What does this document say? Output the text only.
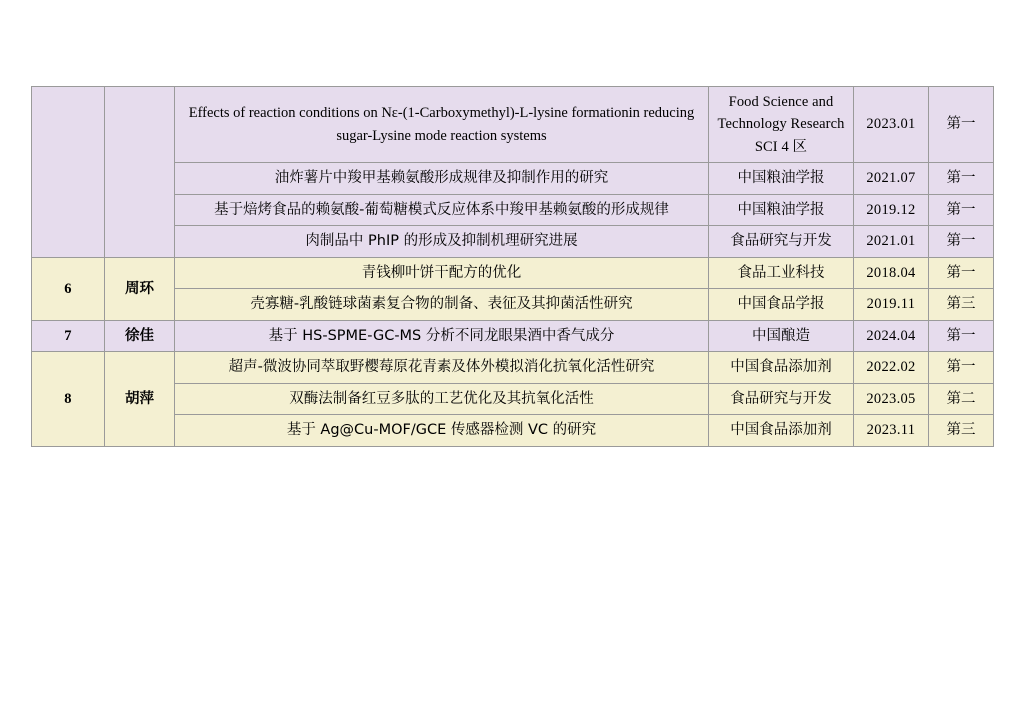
		Effects of reaction conditions on Nε-(1-Carboxymethyl)-L-lysine formationin reducing sugar-Lysine mode reaction systems	Food Science and Technology Research SCI 4 区	2023.01	第一
		油炸薯片中羧甲基赖氨酸形成规律及抑制作用的研究	中国粮油学报	2021.07	第一
		基于焙烤食品的赖氨酸-葡萄糖模式反应体系中羧甲基赖氨酸的形成规律	中国粮油学报	2019.12	第一
		肉制品中 PhIP 的形成及抑制机理研究进展	食品研究与开发	2021.01	第一
6	周环	青钱柳叶饼干配方的优化	食品工业科技	2018.04	第一
		壳寡糖-乳酸链球菌素复合物的制备、表征及其抑菌活性研究	中国食品学报	2019.11	第三
7	徐佳	基于 HS-SPME-GC-MS 分析不同龙眼果酒中香气成分	中国酿造	2024.04	第一
8	胡萍	超声-微波协同萃取野樱莓原花青素及体外模拟消化抗氧化活性研究	中国食品添加剂	2022.02	第一
		双酶法制备红豆多肽的工艺优化及其抗氧化活性	食品研究与开发	2023.05	第二
		基于 Ag@Cu-MOF/GCE 传感器检测 VC 的研究	中国食品添加剂	2023.11	第三
